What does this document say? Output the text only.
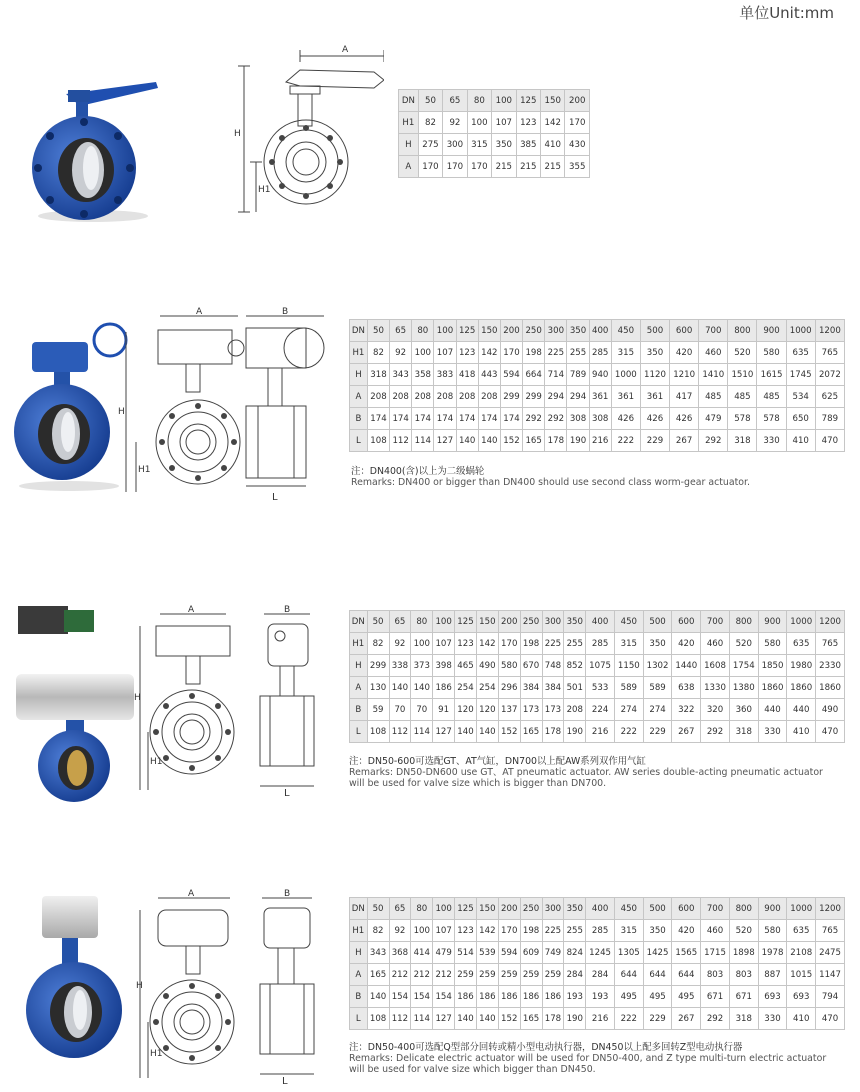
单位Unit:mm
A
H
H1
DN	50	65	80	100	125	150	200
H1	82	92	100	107	123	142	170
H	275	300	315	350	385	410	430
A	170	170	170	215	215	215	355
A	B
H
H1
L
DN	50	65	80	100	125	150	200	250	300	350	400	450	500	600	700	800	900	1000	1200
H1	82	92	100	107	123	142	170	198	225	255	285	315	350	420	460	520	580	635	765
H	318	343	358	383	418	443	594	664	714	789	940	1000	1120	1210	1410	1510	1615	1745	2072
A	208	208	208	208	208	208	299	299	294	294	361	361	361	417	485	485	485	534	625
B	174	174	174	174	174	174	174	292	292	308	308	426	426	426	479	578	578	650	789
L	108	112	114	127	140	140	152	165	178	190	216	222	229	267	292	318	330	410	470
注：DN400(含)以上为二级蜗轮
Remarks: DN400 or bigger than DN400 should use second class worm-gear actuator.
A	B
H
H1
L
DN	50	65	80	100	125	150	200	250	300	350	400	450	500	600	700	800	900	1000	1200
H1	82	92	100	107	123	142	170	198	225	255	285	315	350	420	460	520	580	635	765
H	299	338	373	398	465	490	580	670	748	852	1075	1150	1302	1440	1608	1754	1850	1980	2330
A	130	140	140	186	254	254	296	384	384	501	533	589	589	638	1330	1380	1860	1860	1860
B	59	70	70	91	120	120	137	173	173	208	224	274	274	322	320	360	440	440	490
L	108	112	114	127	140	140	152	165	178	190	216	222	229	267	292	318	330	410	470
注：DN50-600可选配GT、AT气缸，DN700以上配AW系列双作用气缸
Remarks: DN50-DN600 use GT、AT pneumatic actuator. AW series double-acting pneumatic actuator
will be used for valve size which is bigger than DN700.
A	B
H
H1
L
DN	50	65	80	100	125	150	200	250	300	350	400	450	500	600	700	800	900	1000	1200
H1	82	92	100	107	123	142	170	198	225	255	285	315	350	420	460	520	580	635	765
H	343	368	414	479	514	539	594	609	749	824	1245	1305	1425	1565	1715	1898	1978	2108	2475
A	165	212	212	212	259	259	259	259	259	284	284	644	644	644	803	803	887	1015	1147
B	140	154	154	154	186	186	186	186	186	193	193	495	495	495	671	671	693	693	794
L	108	112	114	127	140	140	152	165	178	190	216	222	229	267	292	318	330	410	470
注：DN50-400可选配Q型部分回转或精小型电动执行器，DN450以上配多回转Z型电动执行器
Remarks: Delicate electric actuator will be used for DN50-400, and Z type multi-turn electric actuator
will be used for valve size which bigger than DN450.
